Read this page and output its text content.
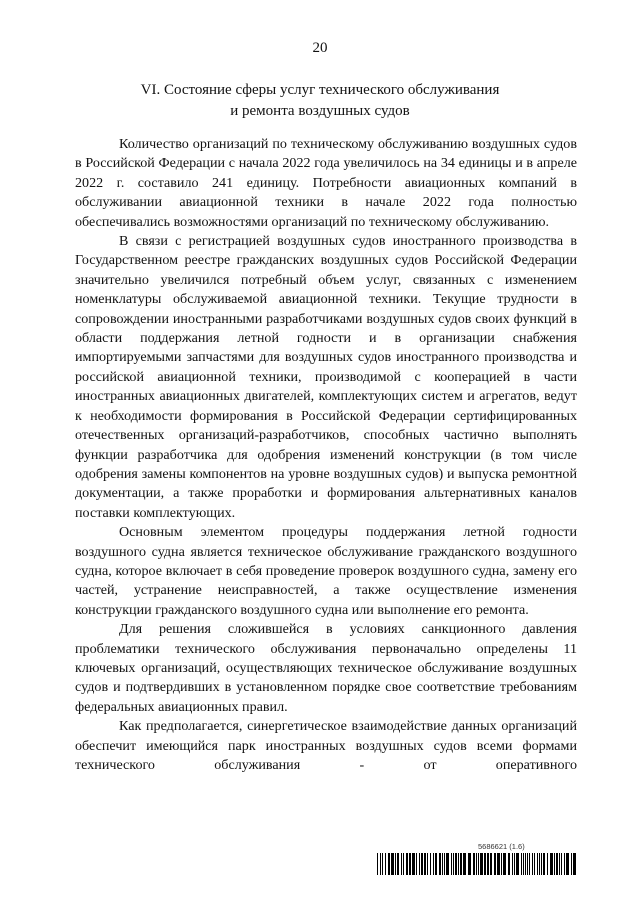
20
VI. Состояние сферы услуг технического обслуживания
и ремонта воздушных судов

Количество организаций по техническому обслуживанию воздушных судов в Российской Федерации с начала 2022 года увеличилось на 34 единицы и в апреле 2022 г. составило 241 единицу. Потребности авиационных компаний в обслуживании авиационной техники в начале 2022 года полностью обеспечивались возможностями организаций по техническому обслуживанию.

В связи с регистрацией воздушных судов иностранного производства в Государственном реестре гражданских воздушных судов Российской Федерации значительно увеличился потребный объем услуг, связанных с изменением номенклатуры обслуживаемой авиационной техники. Текущие трудности в сопровождении иностранными разработчиками воздушных судов своих функций в области поддержания летной годности и в организации снабжения импортируемыми запчастями для воздушных судов иностранного производства и российской авиационной техники, производимой с кооперацией в части иностранных авиационных двигателей, комплектующих систем и агрегатов, ведут к необходимости формирования в Российской Федерации сертифицированных отечественных организаций-разработчиков, способных частично выполнять функции разработчика для одобрения изменений конструкции (в том числе одобрения замены компонентов на уровне воздушных судов) и выпуска ремонтной документации, а также проработки и формирования альтернативных каналов поставки комплектующих.

Основным элементом процедуры поддержания летной годности воздушного судна является техническое обслуживание гражданского воздушного судна, которое включает в себя проведение проверок воздушного судна, замену его частей, устранение неисправностей, а также осуществление изменения конструкции гражданского воздушного судна или выполнение его ремонта.

Для решения сложившейся в условиях санкционного давления проблематики технического обслуживания первоначально определены 11 ключевых организаций, осуществляющих техническое обслуживание воздушных судов и подтвердивших в установленном порядке свое соответствие требованиям федеральных авиационных правил.

Как предполагается, синергетическое взаимодействие данных организаций обеспечит имеющийся парк иностранных воздушных судов всеми формами технического обслуживания - от оперативного

5686621 (1.6)
